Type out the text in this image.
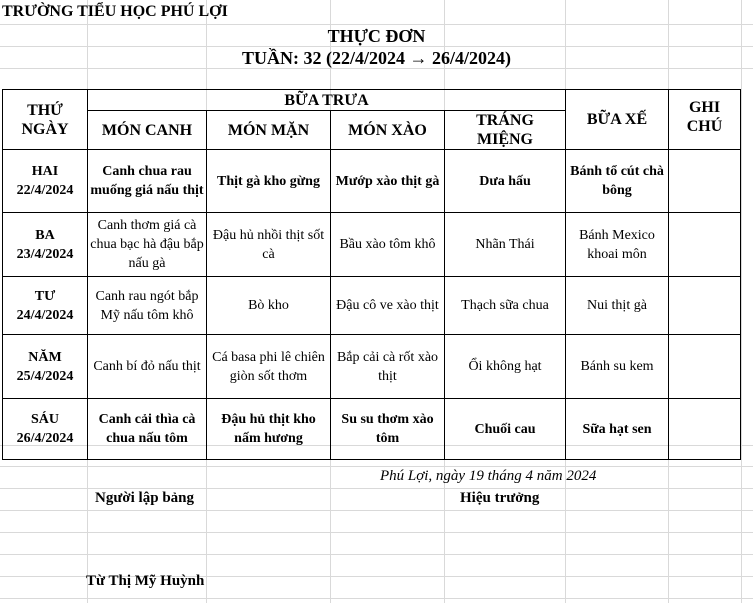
TRƯỜNG TIỂU HỌC PHÚ LỢI
THỰC ĐƠN
TUẦN: 32 (22/4/2024 → 26/4/2024)
THỨ
NGÀY	BỮA TRƯA				BỮA XẾ	GHI CHÚ
	MÓN CANH	MÓN MẶN	MÓN XÀO	TRÁNG MIỆNG		

HAI
22/4/2024	Canh chua rau muống giá nấu thịt	Thịt gà kho gừng	Mướp xào thịt gà	Dưa hấu	Bánh tổ cút chà bông	

BA
23/4/2024	Canh thơm giá cà chua bạc hà đậu bắp nấu gà	Đậu hủ nhồi thịt sốt cà	Bầu xào tôm khô	Nhãn Thái	Bánh Mexico khoai môn	

TƯ
24/4/2024	Canh rau ngót bắp Mỹ nấu tôm khô	Bò kho	Đậu cô ve xào thịt	Thạch sữa chua	Nui thịt gà	

NĂM
25/4/2024	Canh bí đỏ nấu thịt	Cá basa phi lê chiên giòn sốt thơm	Bắp cải cà rốt xào thịt	Ổi không hạt	Bánh su kem	

SÁU
26/4/2024	Canh cải thìa cà chua nấu tôm	Đậu hủ thịt kho nấm hương	Su su thơm xào tôm	Chuối cau	Sữa hạt sen	
Phú Lợi, ngày 19 tháng 4 năm 2024
Người lập bảng	Hiệu trưởng
Từ Thị Mỹ Huỳnh
